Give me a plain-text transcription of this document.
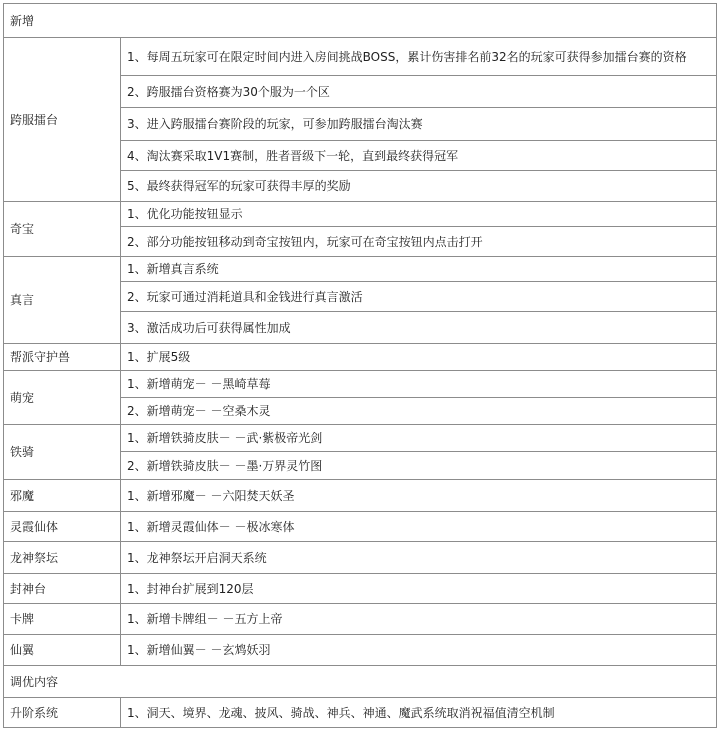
新增	
跨服擂台	1、每周五玩家可在限定时间内进入房间挑战BOSS，累计伤害排名前32名的玩家可获得参加擂台赛的资格
	2、跨服擂台资格赛为30个服为一个区
	3、进入跨服擂台赛阶段的玩家，可参加跨服擂台淘汰赛
	4、淘汰赛采取1V1赛制，胜者晋级下一轮，直到最终获得冠军
	5、最终获得冠军的玩家可获得丰厚的奖励
奇宝	1、优化功能按钮显示
	2、部分功能按钮移动到奇宝按钮内，玩家可在奇宝按钮内点击打开
真言	1、新增真言系统
	2、玩家可通过消耗道具和金钱进行真言激活
	3、激活成功后可获得属性加成
帮派守护兽	1、扩展5级
萌宠	1、新增萌宠－ －黑崎草莓
	2、新增萌宠－ －空桑木灵
铁骑	1、新增铁骑皮肤－ －武·紫极帝光剑
	2、新增铁骑皮肤－ －墨·万界灵竹图
邪魔	1、新增邪魔－ －六阳焚天妖圣
灵霞仙体	1、新增灵霞仙体－ －极冰寒体
龙神祭坛	1、龙神祭坛开启洞天系统
封神台	1、封神台扩展到120层
卡牌	1、新增卡牌组－ －五方上帝
仙翼	1、新增仙翼－ －玄鸩妖羽
调优内容	
升阶系统	1、洞天、境界、龙魂、披风、骑战、神兵、神通、魔武系统取消祝福值清空机制
